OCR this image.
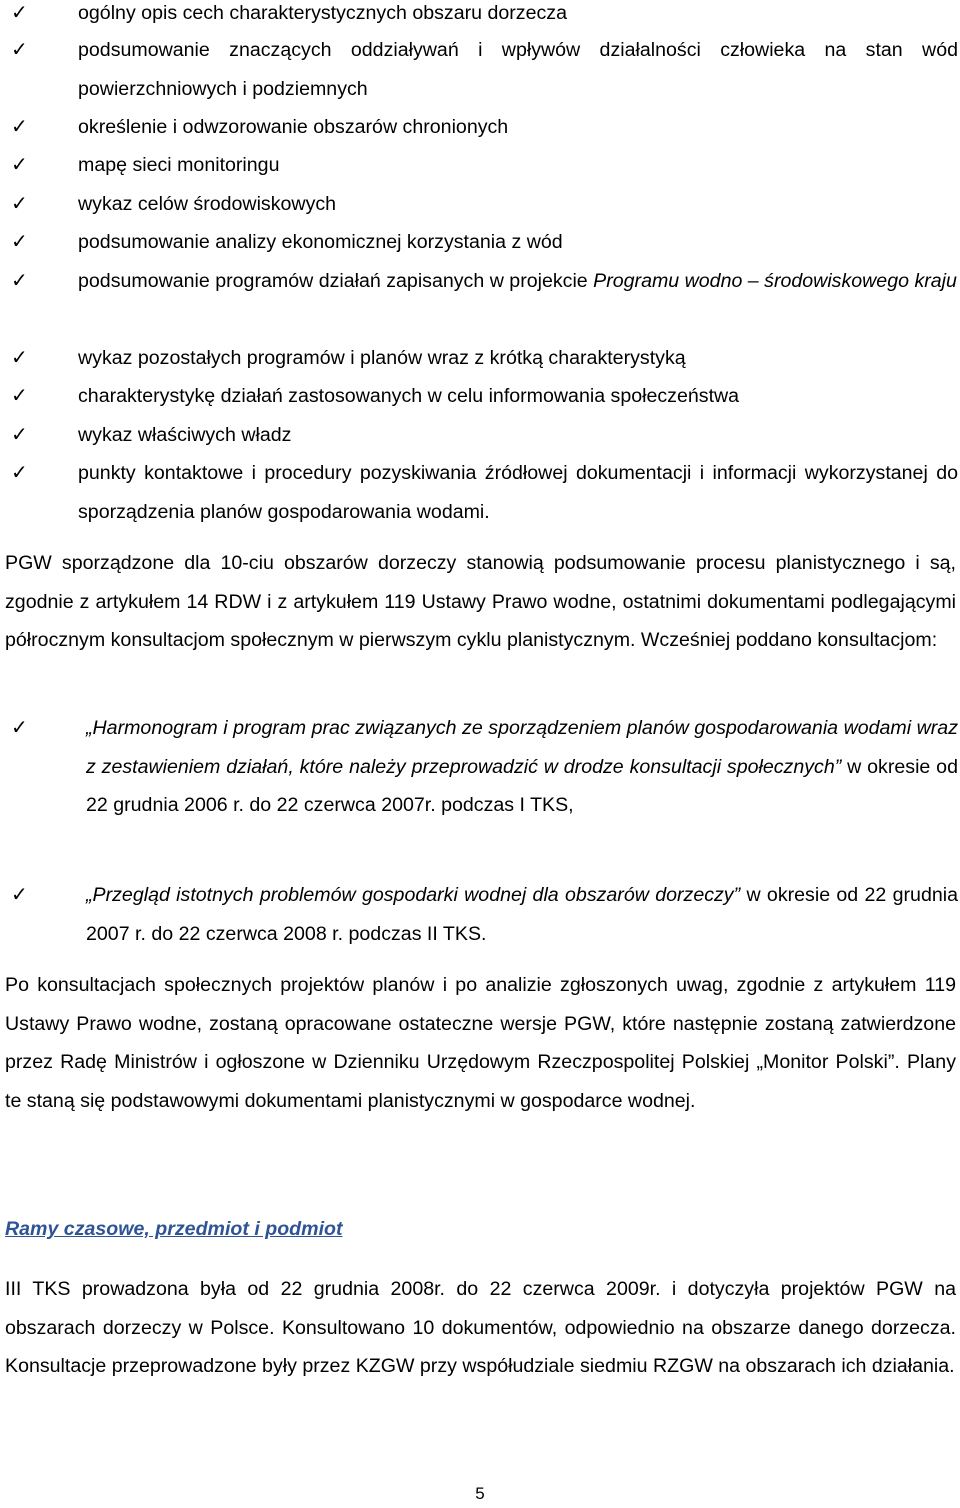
✓	ogólny opis cech charakterystycznych obszaru dorzecza
✓	podsumowanie znaczących oddziaływań i wpływów działalności człowieka na stan wód powierzchniowych i podziemnych
✓	określenie i odwzorowanie obszarów chronionych
✓	mapę sieci monitoringu
✓	wykaz celów środowiskowych
✓	podsumowanie analizy ekonomicznej korzystania z wód
✓	podsumowanie programów działań zapisanych w projekcie Programu wodno – środowiskowego kraju
✓	wykaz pozostałych programów i planów wraz z krótką charakterystyką
✓	charakterystykę działań zastosowanych w celu informowania społeczeństwa
✓	wykaz właściwych władz
✓	punkty kontaktowe i procedury pozyskiwania źródłowej dokumentacji i informacji wykorzystanej do sporządzenia planów gospodarowania wodami.
PGW sporządzone dla 10-ciu obszarów dorzeczy stanowią podsumowanie procesu planistycznego i są, zgodnie z artykułem 14 RDW i z artykułem 119 Ustawy Prawo wodne, ostatnimi dokumentami podlegającymi półrocznym konsultacjom społecznym w pierwszym cyklu planistycznym. Wcześniej poddano konsultacjom:
✓	„Harmonogram i program prac związanych ze sporządzeniem planów gospodarowania wodami wraz z zestawieniem działań, które należy przeprowadzić w drodze konsultacji społecznych” w okresie od 22 grudnia 2006 r. do 22 czerwca 2007r. podczas I TKS,
✓	„Przegląd istotnych problemów gospodarki wodnej dla obszarów dorzeczy” w okresie od 22 grudnia 2007 r. do 22 czerwca 2008 r. podczas II TKS.
Po konsultacjach społecznych projektów planów i po analizie zgłoszonych uwag, zgodnie z artykułem 119 Ustawy Prawo wodne, zostaną opracowane ostateczne wersje PGW, które następnie zostaną zatwierdzone przez Radę Ministrów i ogłoszone w Dzienniku Urzędowym Rzeczpospolitej Polskiej „Monitor Polski”. Plany te staną się podstawowymi dokumentami planistycznymi w gospodarce wodnej.
Ramy czasowe, przedmiot i podmiot
III TKS prowadzona była od 22 grudnia 2008r. do 22 czerwca 2009r. i dotyczyła projektów PGW na obszarach dorzeczy w Polsce. Konsultowano 10 dokumentów, odpowiednio na obszarze danego dorzecza. Konsultacje przeprowadzone były przez KZGW przy współudziale siedmiu RZGW na obszarach ich działania.
5
